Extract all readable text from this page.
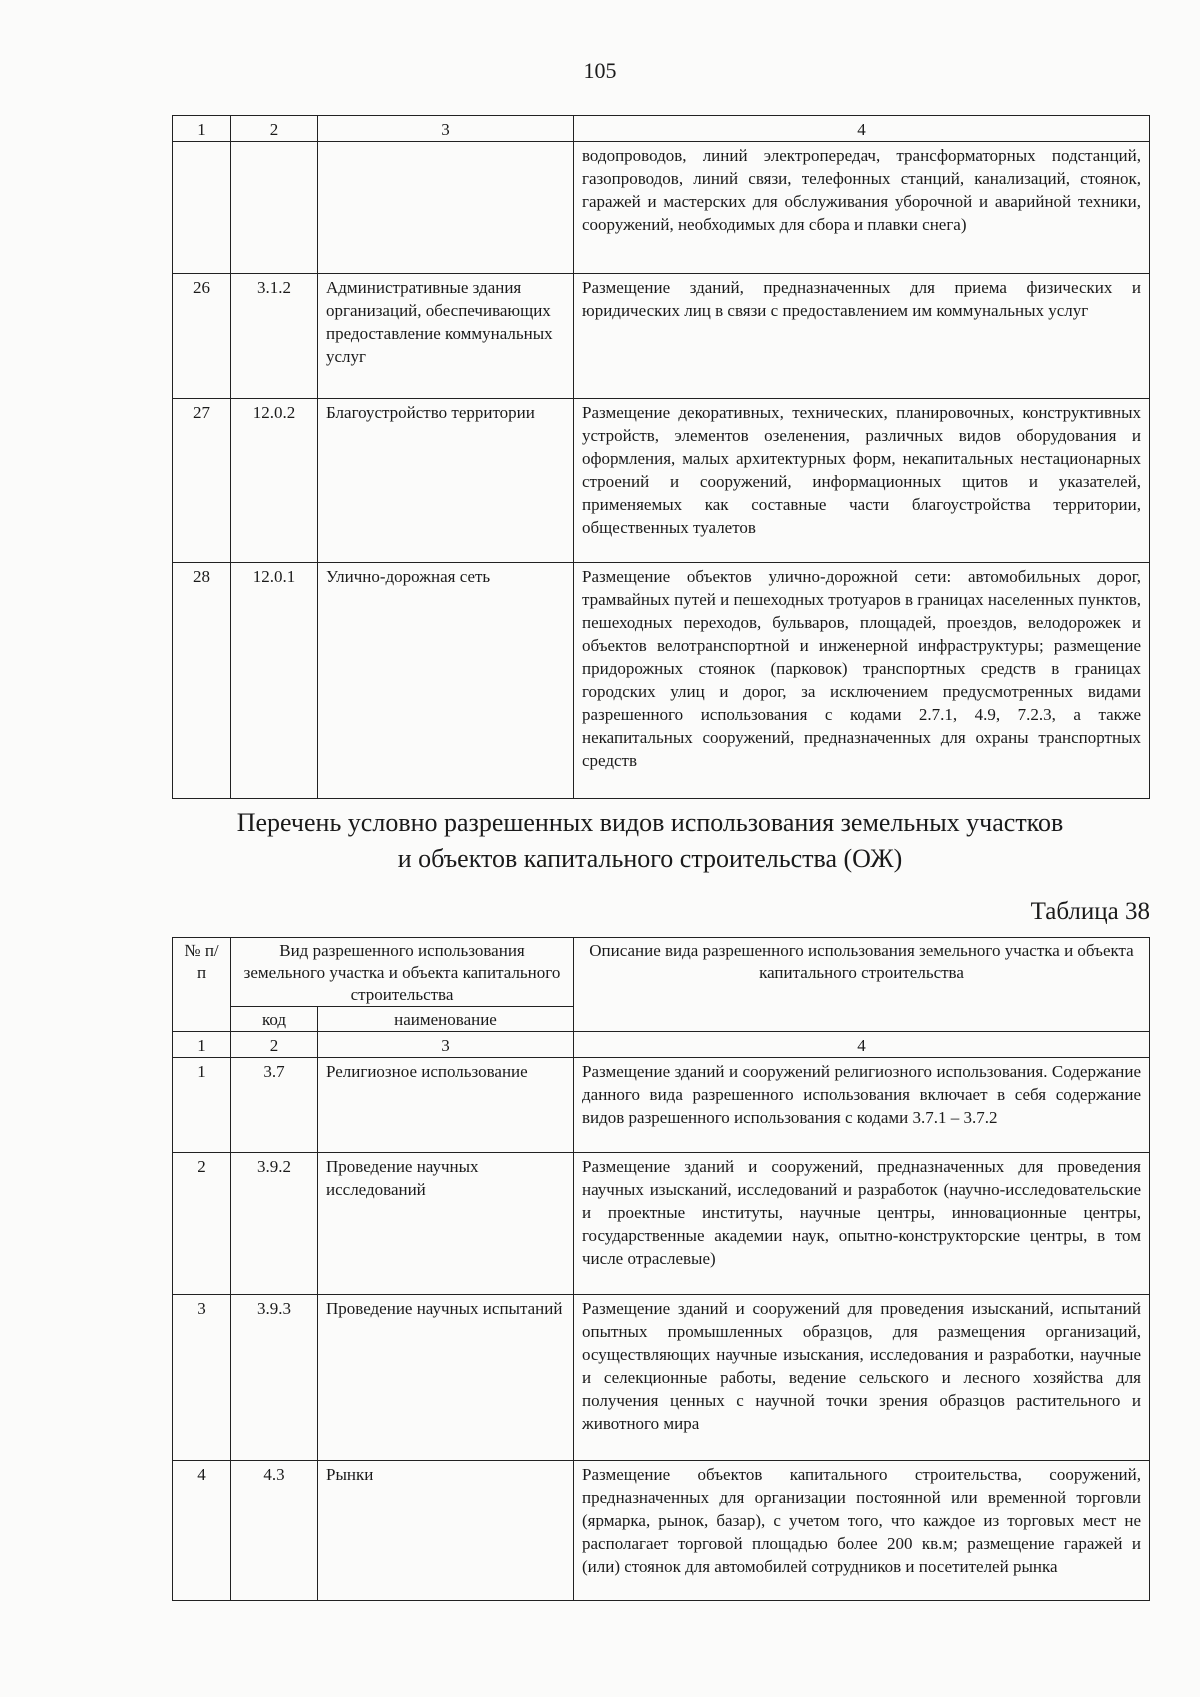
105
1	2	3	4
			водопроводов, линий электропередач, трансформаторных подстанций, газопроводов, линий связи, телефонных станций, канализаций, стоянок, гаражей и мастерских для обслуживания уборочной и аварийной техники, сооружений, необходимых для сбора и плавки снега)
26	3.1.2	Административные здания организаций, обеспечивающих предоставление коммунальных услуг	Размещение зданий, предназначенных для приема физических и юридических лиц в связи с предоставлением им коммунальных услуг
27	12.0.2	Благоустройство территории	Размещение декоративных, технических, планировочных, конструктивных устройств, элементов озеленения, различных видов оборудования и оформления, малых архитектурных форм, некапитальных нестационарных строений и сооружений, информационных щитов и указателей, применяемых как составные части благоустройства территории, общественных туалетов
28	12.0.1	Улично-дорожная сеть	Размещение объектов улично-дорожной сети: автомобильных дорог, трамвайных путей и пешеходных тротуаров в границах населенных пунктов, пешеходных переходов, бульваров, площадей, проездов, велодорожек и объектов велотранспортной и инженерной инфраструктуры; размещение придорожных стоянок (парковок) транспортных средств в границах городских улиц и дорог, за исключением предусмотренных видами разрешенного использования с кодами 2.7.1, 4.9, 7.2.3, а также некапитальных сооружений, предназначенных для охраны транспортных средств
Перечень условно разрешенных видов использования земельных участков
и объектов капитального строительства (ОЖ)
Таблица 38
№ п/п	Вид разрешенного использования земельного участка и объекта капитального строительства		Описание вида разрешенного использования земельного участка и объекта капитального строительства
	код	наименование	
1	2	3	4
1	3.7	Религиозное использование	Размещение зданий и сооружений религиозного использования. Содержание данного вида разрешенного использования включает в себя содержание видов разрешенного использования с кодами 3.7.1 – 3.7.2
2	3.9.2	Проведение научных исследований	Размещение зданий и сооружений, предназначенных для проведения научных изысканий, исследований и разработок (научно-исследовательские и проектные институты, научные центры, инновационные центры, государственные академии наук, опытно-конструкторские центры, в том числе отраслевые)
3	3.9.3	Проведение научных испытаний	Размещение зданий и сооружений для проведения изысканий, испытаний опытных промышленных образцов, для размещения организаций, осуществляющих научные изыскания, исследования и разработки, научные и селекционные работы, ведение сельского и лесного хозяйства для получения ценных с научной точки зрения образцов растительного и животного мира
4	4.3	Рынки	Размещение объектов капитального строительства, сооружений, предназначенных для организации постоянной или временной торговли (ярмарка, рынок, базар), с учетом того, что каждое из торговых мест не располагает торговой площадью более 200 кв.м; размещение гаражей и (или) стоянок для автомобилей сотрудников и посетителей рынка
